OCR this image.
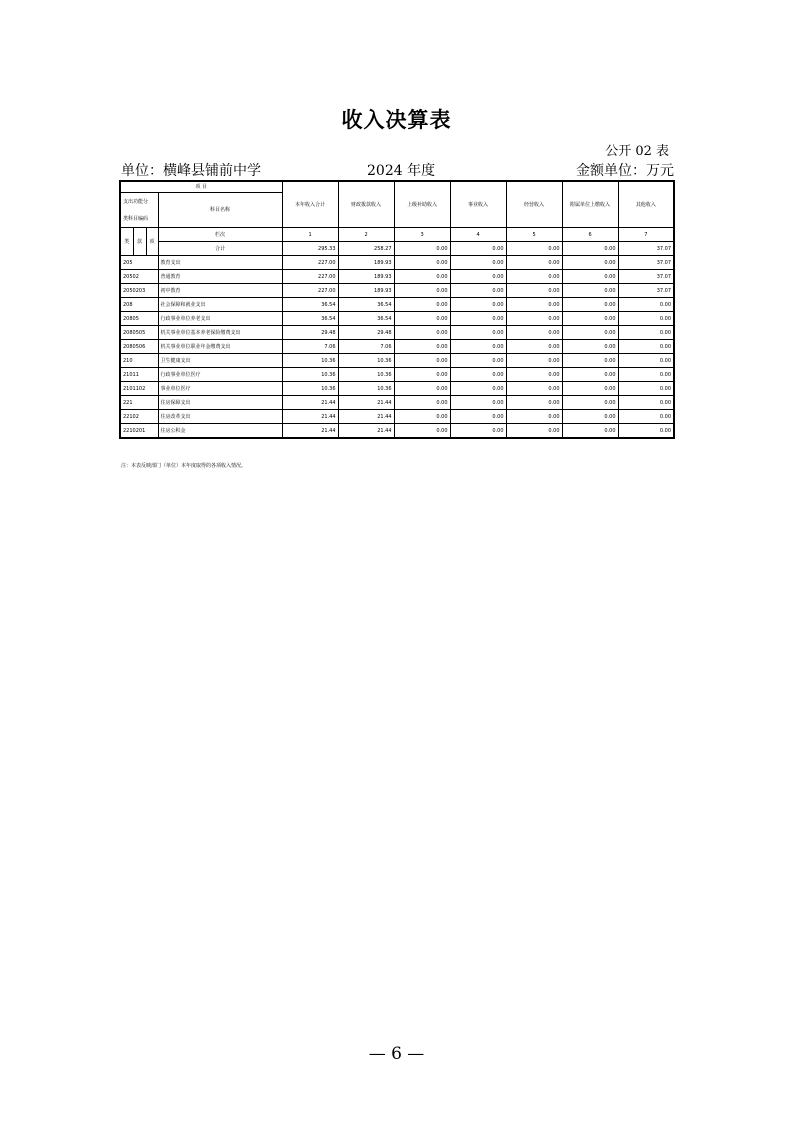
收入决算表
公开 02 表
单位：横峰县铺前中学	2024 年度	金额单位：万元
项 目				本年收入合计	财政拨款收入	上级补助收入	事业收入	经营收入	附属单位上缴收入	其他收入
支出功能分			科目名称							
类科目编码										
类	款	项	栏次	1	2	3	4	5	6	7
			合计	295.33	258.27	0.00	0.00	0.00	0.00	37.07
205			教育支出	227.00	189.93	0.00	0.00	0.00	0.00	37.07
20502			普通教育	227.00	189.93	0.00	0.00	0.00	0.00	37.07
2050203			初中教育	227.00	189.93	0.00	0.00	0.00	0.00	37.07
208			社会保障和就业支出	36.54	36.54	0.00	0.00	0.00	0.00	0.00
20805			行政事业单位养老支出	36.54	36.54	0.00	0.00	0.00	0.00	0.00
2080505			机关事业单位基本养老保险缴费支出	29.48	29.48	0.00	0.00	0.00	0.00	0.00
2080506			机关事业单位职业年金缴费支出	7.06	7.06	0.00	0.00	0.00	0.00	0.00
210			卫生健康支出	10.36	10.36	0.00	0.00	0.00	0.00	0.00
21011			行政事业单位医疗	10.36	10.36	0.00	0.00	0.00	0.00	0.00
2101102			事业单位医疗	10.36	10.36	0.00	0.00	0.00	0.00	0.00
221			住房保障支出	21.44	21.44	0.00	0.00	0.00	0.00	0.00
22102			住房改革支出	21.44	21.44	0.00	0.00	0.00	0.00	0.00
2210201			住房公积金	21.44	21.44	0.00	0.00	0.00	0.00	0.00
注：本表反映部门（单位）本年度取得的各项收入情况。
— 6 —
